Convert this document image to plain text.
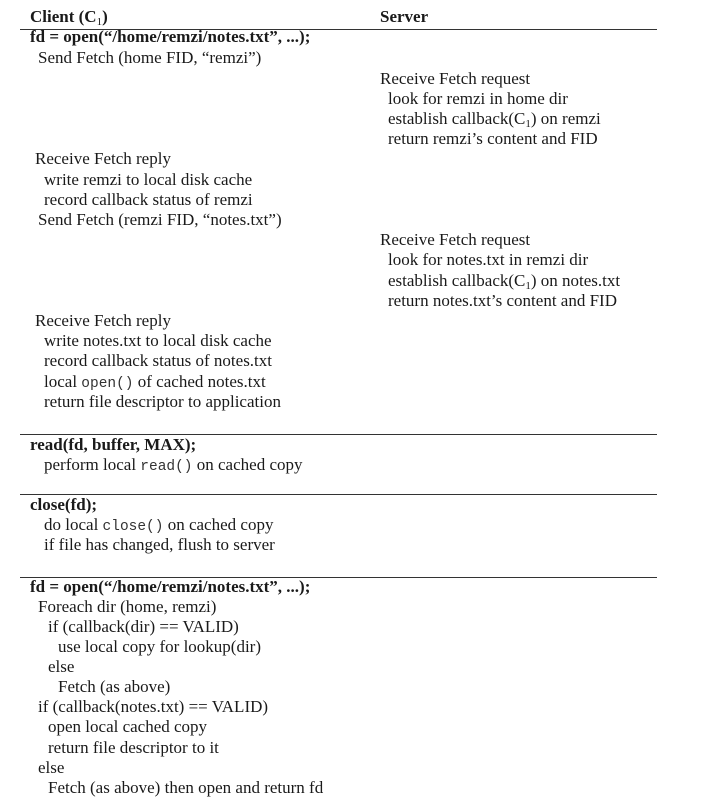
Client $(C_1)$	Server
fd = open(“/home/remzi/notes.txt”, ...);
Send Fetch (home FID, “remzi”)
Receive Fetch request
look for remzi in home dir
establish $callback(C_1)$ on remzi
return remzi’s content and FID
Receive Fetch reply
write remzi to local disk cache
record callback status of remzi
Send Fetch (remzi FID, “notes.txt”)
Receive Fetch request
look for notes.txt in remzi dir
establish $callback(C_1)$ on notes.txt
return notes.txt’s content and FID
Receive Fetch reply
write notes.txt to local disk cache
record callback status of notes.txt
local open() of cached notes.txt
return file descriptor to application
read(fd, buffer, MAX);
perform local read() on cached copy
close(fd);
do local close() on cached copy
if file has changed, flush to server
fd = open(“/home/remzi/notes.txt”, ...);
Foreach dir (home, remzi)
if (callback(dir) == VALID)
use local copy for lookup(dir)
else
Fetch (as above)
if (callback(notes.txt) == VALID)
open local cached copy
return file descriptor to it
else
Fetch (as above) then open and return fd
